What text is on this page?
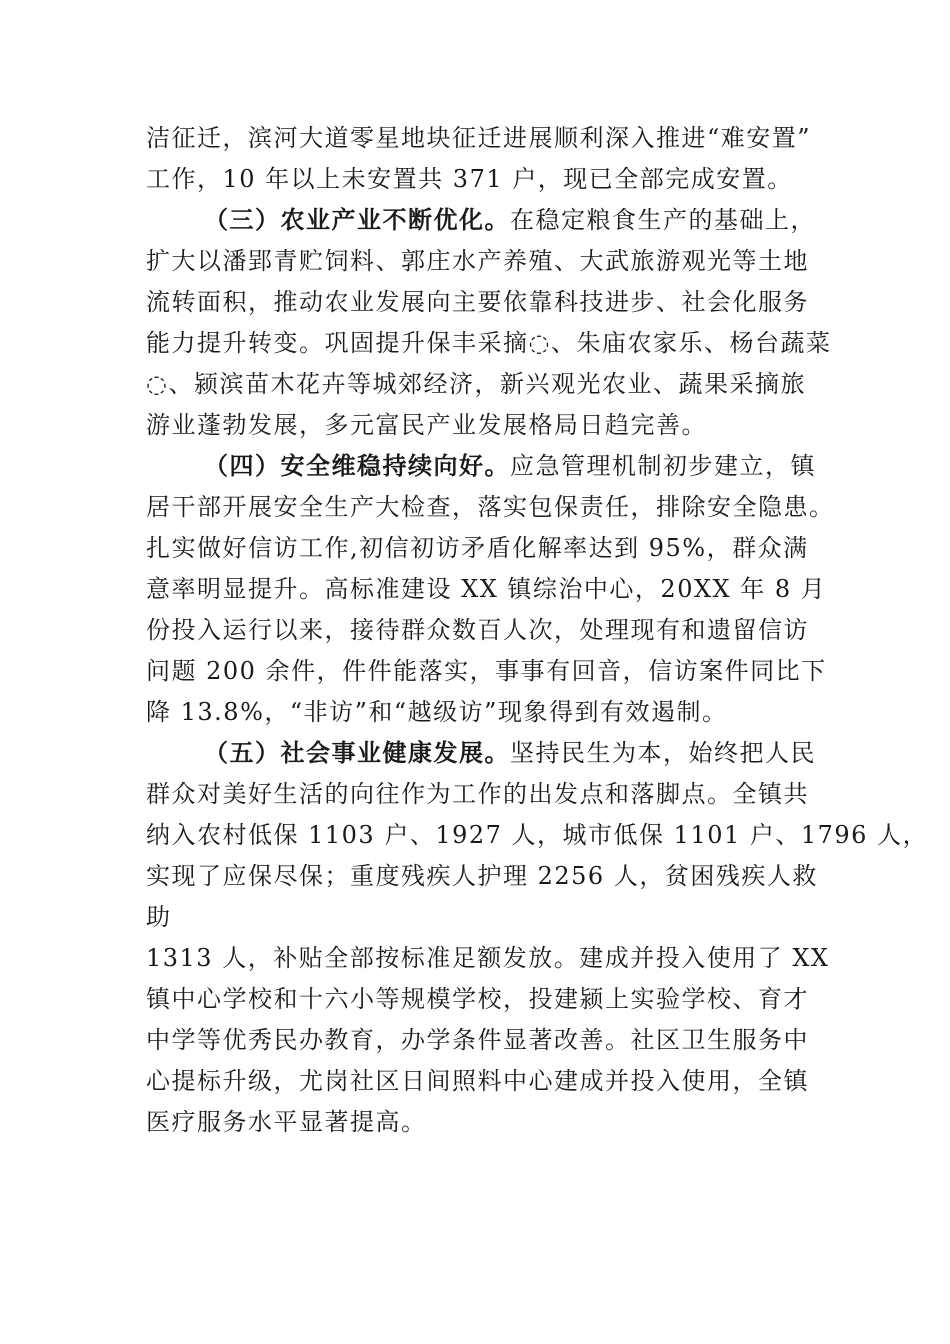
洁征迁，滨河大道零星地块征迁进展顺利深入推进“难安置”
工作，10 年以上未安置共 371 户，现已全部完成安置。
（三）农业产业不断优化。在稳定粮食生产的基础上，
扩大以潘郢青贮饲料、郭庄水产养殖、大武旅游观光等土地
流转面积，推动农业发展向主要依靠科技进步、社会化服务
能力提升转变。巩固提升保丰采摘◌、朱庙农家乐、杨台蔬菜
◌、颍滨苗木花卉等城郊经济，新兴观光农业、蔬果采摘旅
游业蓬勃发展，多元富民产业发展格局日趋完善。
（四）安全维稳持续向好。应急管理机制初步建立，镇
居干部开展安全生产大检查，落实包保责任，排除安全隐患。
扎实做好信访工作,初信初访矛盾化解率达到 95%，群众满
意率明显提升。高标准建设 XX 镇综治中心，20XX 年 8 月
份投入运行以来，接待群众数百人次，处理现有和遗留信访
问题 200 余件，件件能落实，事事有回音，信访案件同比下
降 13.8%，“非访”和“越级访”现象得到有效遏制。
（五）社会事业健康发展。坚持民生为本，始终把人民
群众对美好生活的向往作为工作的出发点和落脚点。全镇共
纳入农村低保 1103 户、1927 人，城市低保 1101 户、1796 人，
实现了应保尽保；重度残疾人护理 2256 人，贫困残疾人救
助
1313 人，补贴全部按标准足额发放。建成并投入使用了 XX
镇中心学校和十六小等规模学校，投建颍上实验学校、育才
中学等优秀民办教育，办学条件显著改善。社区卫生服务中
心提标升级，尤岗社区日间照料中心建成并投入使用，全镇
医疗服务水平显著提高。
